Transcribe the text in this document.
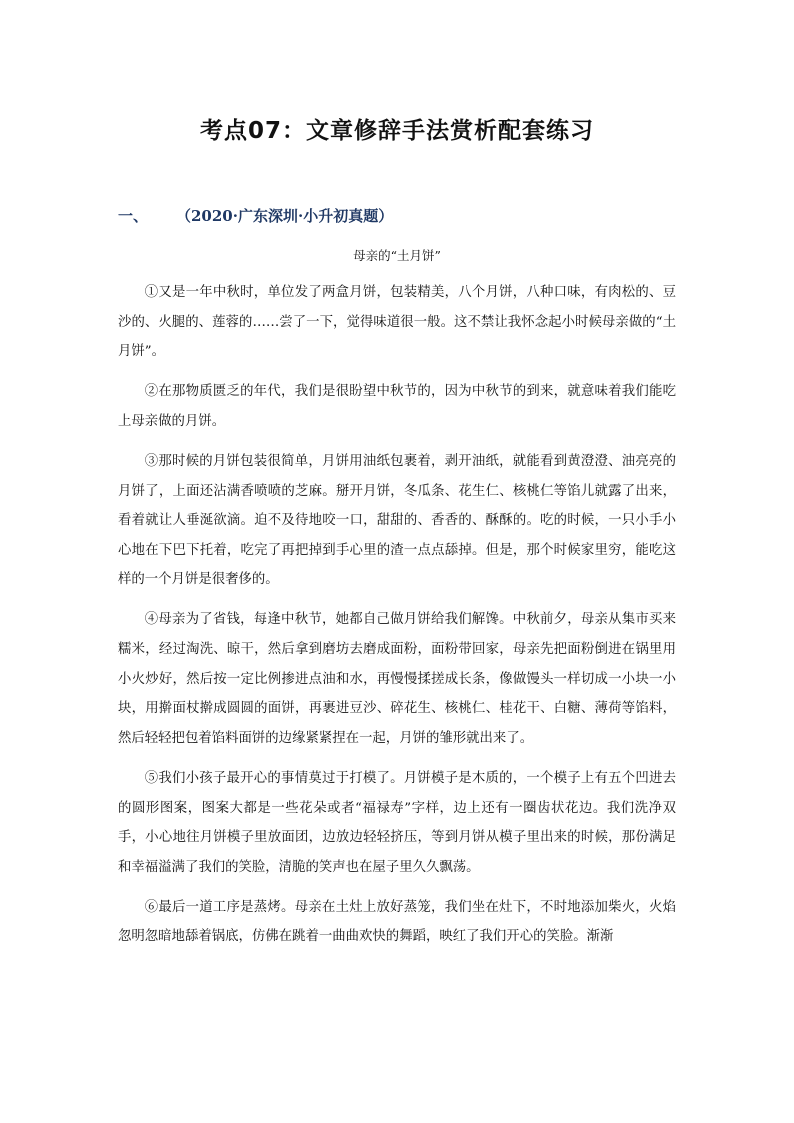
考点07：文章修辞手法赏析配套练习
一、 （2020·广东深圳·小升初真题）
母亲的“土月饼”

①又是一年中秋时，单位发了两盒月饼，包装精美，八个月饼，八种口味，有肉松的、豆沙的、火腿的、莲蓉的……尝了一下，觉得味道很一般。这不禁让我怀念起小时候母亲做的“土月饼”。

②在那物质匮乏的年代，我们是很盼望中秋节的，因为中秋节的到来，就意味着我们能吃上母亲做的月饼。

③那时候的月饼包装很简单，月饼用油纸包裹着，剥开油纸，就能看到黄澄澄、油亮亮的月饼了，上面还沾满香喷喷的芝麻。掰开月饼，冬瓜条、花生仁、核桃仁等馅儿就露了出来，看着就让人垂涎欲滴。迫不及待地咬一口，甜甜的、香香的、酥酥的。吃的时候，一只小手小心地在下巴下托着，吃完了再把掉到手心里的渣一点点舔掉。但是，那个时候家里穷，能吃这样的一个月饼是很奢侈的。

④母亲为了省钱，每逢中秋节，她都自己做月饼给我们解馋。中秋前夕，母亲从集市买来糯米，经过淘洗、晾干，然后拿到磨坊去磨成面粉，面粉带回家，母亲先把面粉倒进在锅里用小火炒好，然后按一定比例掺进点油和水，再慢慢揉搓成长条，像做馒头一样切成一小块一小块，用擀面杖擀成圆圆的面饼，再裹进豆沙、碎花生、核桃仁、桂花干、白糖、薄荷等馅料，然后轻轻把包着馅料面饼的边缘紧紧捏在一起，月饼的雏形就出来了。

⑤我们小孩子最开心的事情莫过于打模了。月饼模子是木质的，一个模子上有五个凹进去的圆形图案，图案大都是一些花朵或者“福禄寿”字样，边上还有一圈齿状花边。我们洗净双手，小心地往月饼模子里放面团，边放边轻轻挤压，等到月饼从模子里出来的时候，那份满足和幸福溢满了我们的笑脸，清脆的笑声也在屋子里久久飘荡。

⑥最后一道工序是蒸烤。母亲在土灶上放好蒸笼，我们坐在灶下，不时地添加柴火，火焰忽明忽暗地舔着锅底，仿佛在跳着一曲曲欢快的舞蹈，映红了我们开心的笑脸。渐渐
